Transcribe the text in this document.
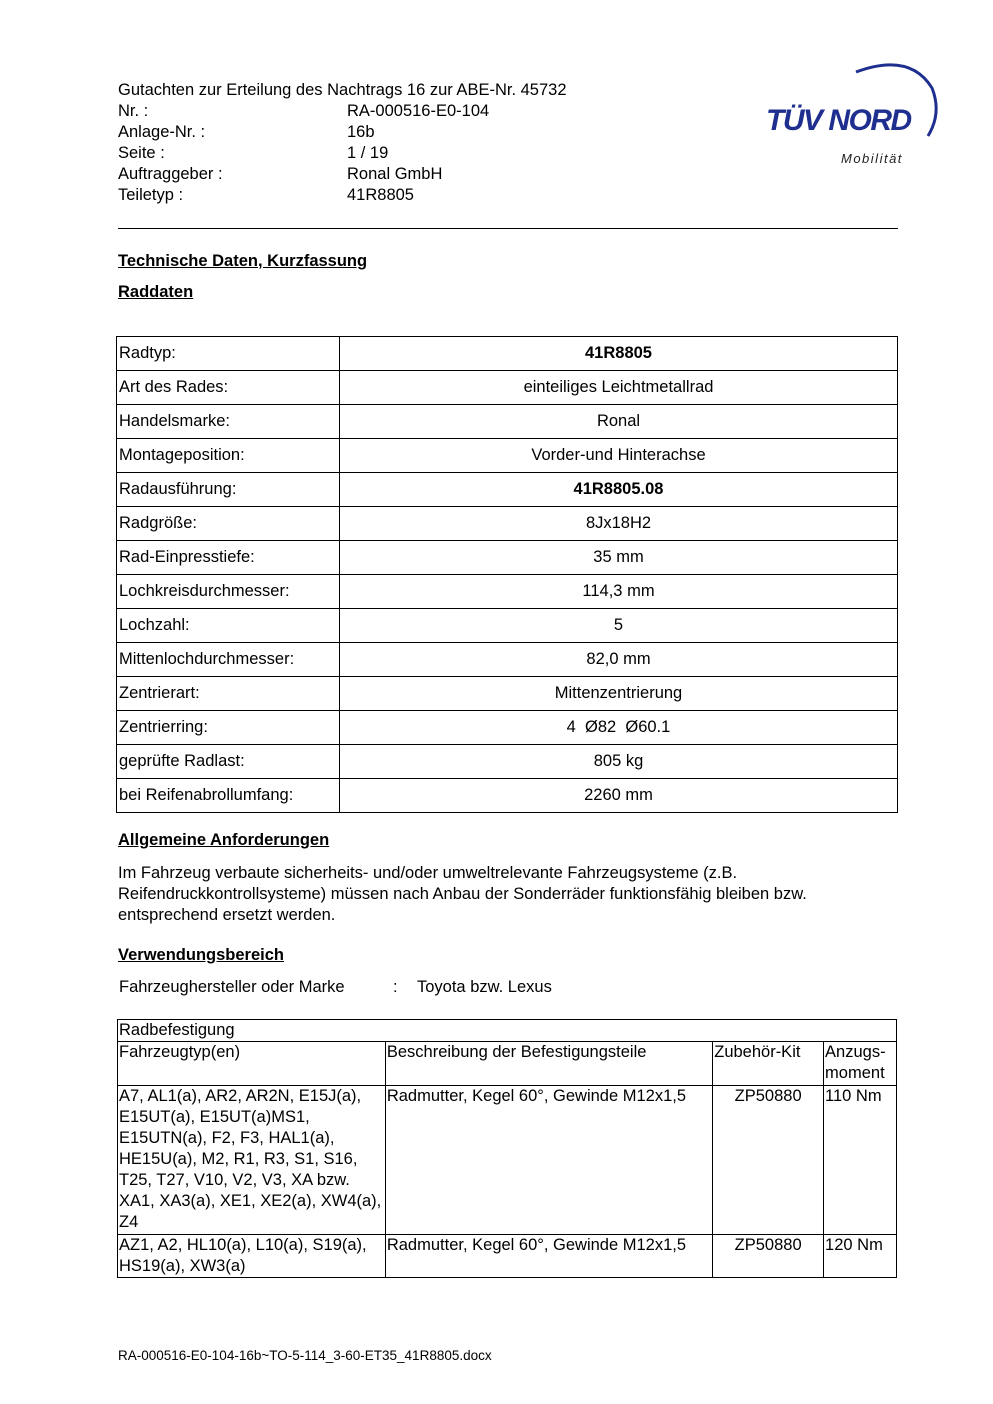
Gutachten zur Erteilung des Nachtrags 16 zur ABE-Nr. 45732
Nr. :	RA-000516-E0-104
Anlage-Nr. :	16b
Seite :	1 / 19
Auftraggeber :	Ronal GmbH
Teiletyp :	41R8805
TÜV NORD
Mobilität
Technische Daten, Kurzfassung
Raddaten
Radtyp:	41R8805
Art des Rades:	einteiliges Leichtmetallrad
Handelsmarke:	Ronal
Montageposition:	Vorder-und Hinterachse
Radausführung:	41R8805.08
Radgröße:	8Jx18H2
Rad-Einpresstiefe:	35 mm
Lochkreisdurchmesser:	114,3 mm
Lochzahl:	5
Mittenlochdurchmesser:	82,0 mm
Zentrierart:	Mittenzentrierung
Zentrierring:	4  Ø82  Ø60.1
geprüfte Radlast:	805 kg
bei Reifenabrollumfang:	2260 mm
Allgemeine Anforderungen
Im Fahrzeug verbaute sicherheits- und/oder umweltrelevante Fahrzeugsysteme (z.B. Reifendruckkontrollsysteme) müssen nach Anbau der Sonderräder funktionsfähig bleiben bzw. entsprechend ersetzt werden.
Verwendungsbereich
Fahrzeughersteller oder Marke	: Toyota bzw. Lexus
Radbefestigung			
Fahrzeugtyp(en)	Beschreibung der Befestigungsteile	Zubehör-Kit	Anzugs-moment
A7, AL1(a), AR2, AR2N, E15J(a), E15UT(a), E15UT(a)MS1, E15UTN(a), F2, F3, HAL1(a), HE15U(a), M2, R1, R3, S1, S16, T25, T27, V10, V2, V3, XA bzw. XA1, XA3(a), XE1, XE2(a), XW4(a), Z4	Radmutter, Kegel 60°, Gewinde M12x1,5	ZP50880	110 Nm
AZ1, A2, HL10(a), L10(a), S19(a), HS19(a), XW3(a)	Radmutter, Kegel 60°, Gewinde M12x1,5	ZP50880	120 Nm
RA-000516-E0-104-16b~TO-5-114_3-60-ET35_41R8805.docx
